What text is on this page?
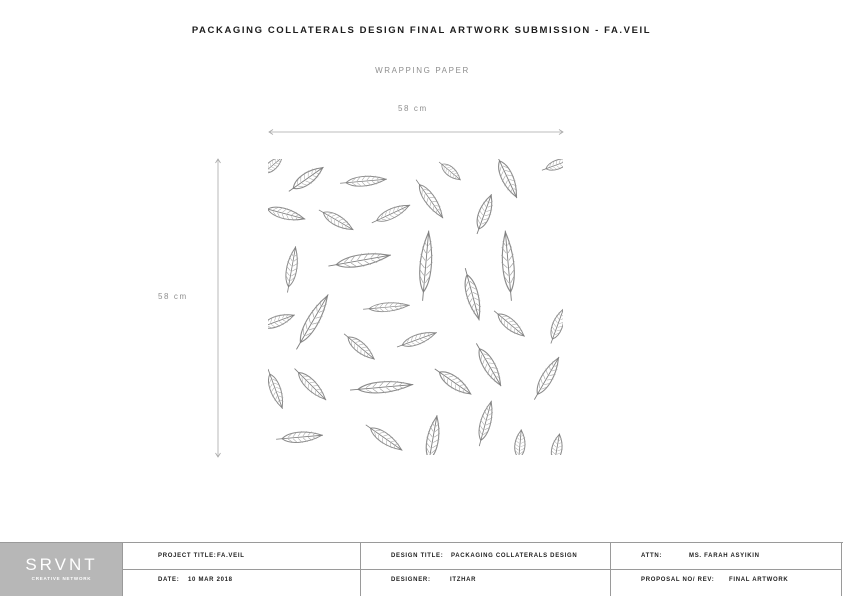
PACKAGING COLLATERALS DESIGN FINAL ARTWORK SUBMISSION - FA.VEIL
WRAPPING PAPER
58 cm
58 cm
SRVNT
CREATIVE NETWORK
PROJECT TITLE: FA.VEIL
DATE: 10 MAR 2018
DESIGN TITLE: PACKAGING COLLATERALS DESIGN
DESIGNER:	ITZHAR
ATTN:	MS. FARAH ASYIKIN
PROPOSAL NO/ REV: FINAL ARTWORK
